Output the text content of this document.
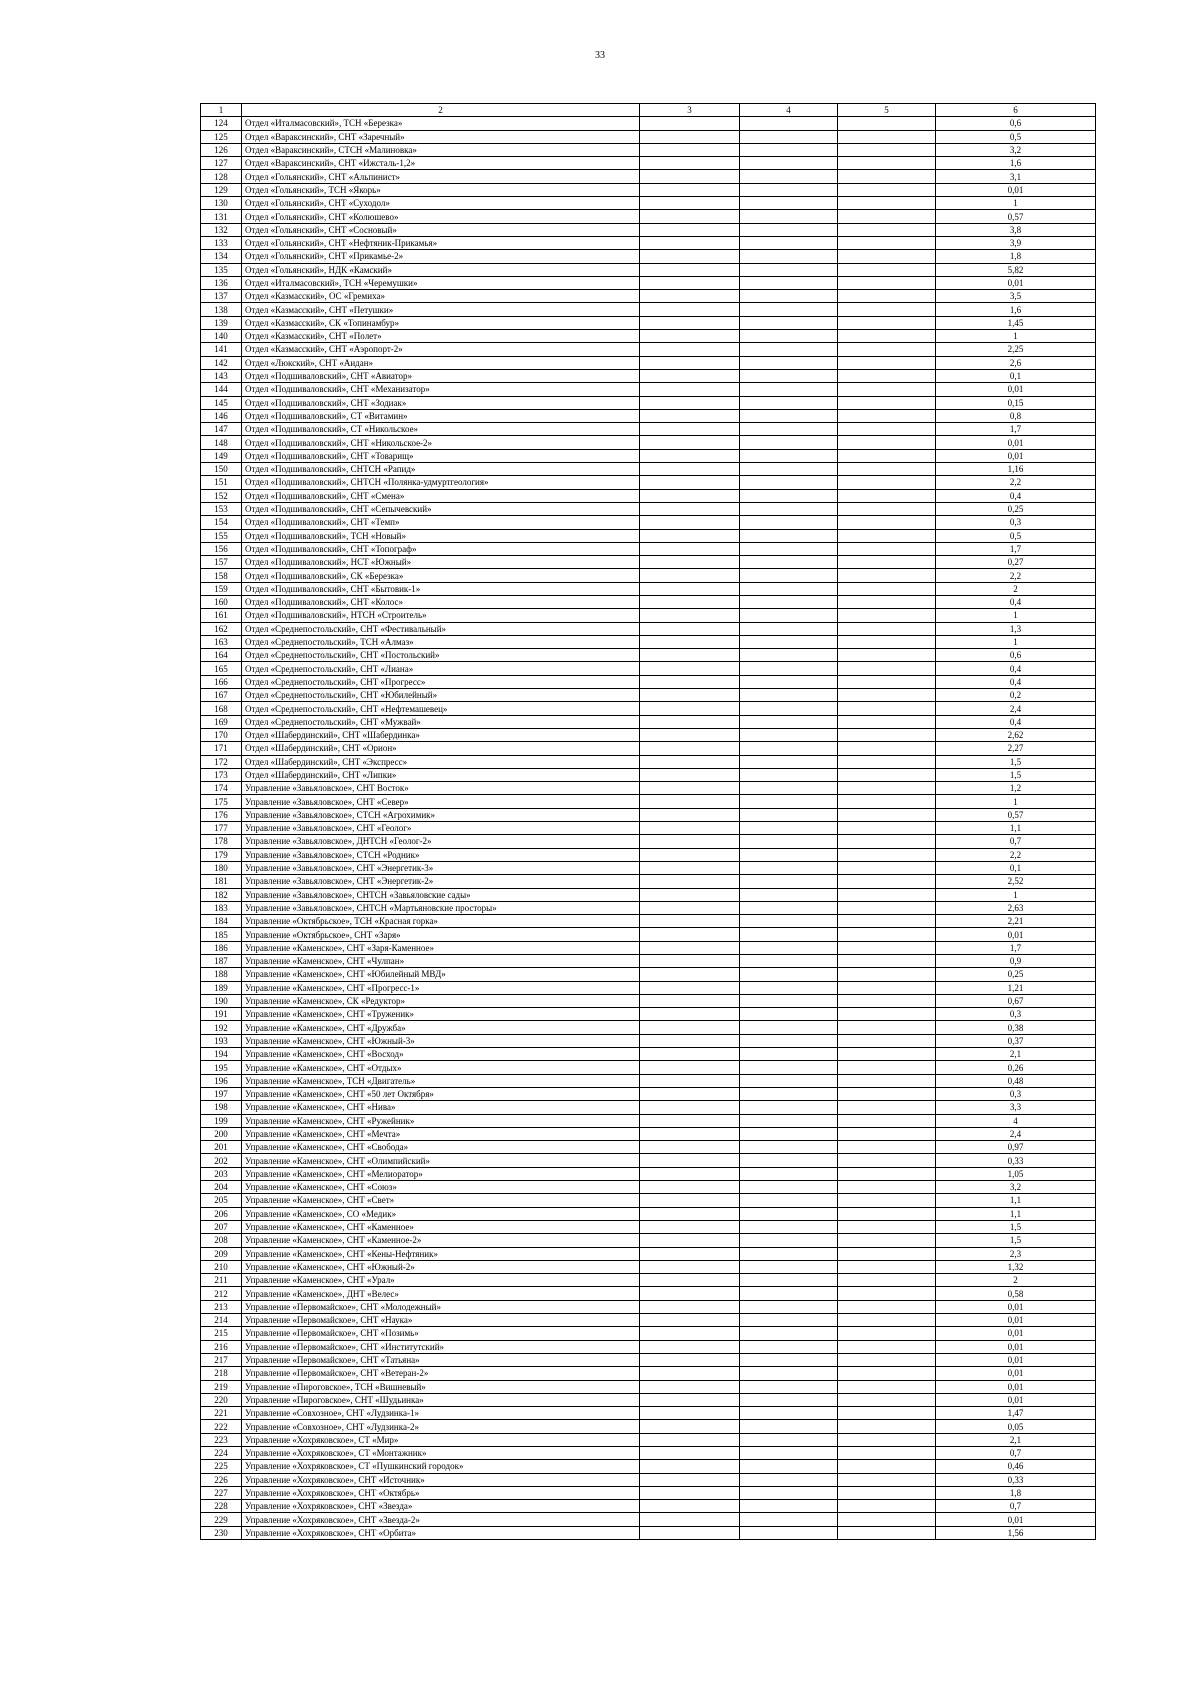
33
1	2	3	4	5	6
124	Отдел «Италмасовский», ТСН «Березка»				0,6
125	Отдел «Вараксинский», СНТ «Заречный»				0,5
126	Отдел «Вараксинский», СТСН «Малиновка»				3,2
127	Отдел «Вараксинский», СНТ «Ижсталь-1,2»				1,6
128	Отдел «Гольянский», СНТ «Альпинист»				3,1
129	Отдел «Гольянский», ТСН «Якорь»				0,01
130	Отдел «Гольянский», СНТ «Суходол»				1
131	Отдел «Гольянский», СНТ «Колюшево»				0,57
132	Отдел «Гольянский», СНТ «Сосновый»				3,8
133	Отдел «Гольянский», СНТ «Нефтяник-Прикамья»				3,9
134	Отдел «Гольянский», СНТ «Прикамье-2»				1,8
135	Отдел «Гольянский», НДК «Камский»				5,82
136	Отдел «Италмасовский», ТСН «Черемушки»				0,01
137	Отдел «Казмасский», ОС «Гремиха»				3,5
138	Отдел «Казмасский», СНТ «Петушки»				1,6
139	Отдел «Казмасский», СК «Топинамбур»				1,45
140	Отдел «Казмасский», СНТ «Полет»				1
141	Отдел «Казмасский», СНТ «Аэропорт-2»				2,25
142	Отдел «Люкский», СНТ «Аидан»				2,6
143	Отдел «Подшиваловский», СНТ «Авиатор»				0,1
144	Отдел «Подшиваловский», СНТ «Механизатор»				0,01
145	Отдел «Подшиваловский», СНТ «Зодиак»				0,15
146	Отдел «Подшиваловский», СТ «Витамин»				0,8
147	Отдел «Подшиваловский», СТ «Никольское»				1,7
148	Отдел «Подшиваловский», СНТ «Никольское-2»				0,01
149	Отдел «Подшиваловский», СНТ «Товарищ»				0,01
150	Отдел «Подшиваловский», СНТСН «Рапид»				1,16
151	Отдел «Подшиваловский», СНТСН «Полянка-удмуртгеология»				2,2
152	Отдел «Подшиваловский», СНТ «Смена»				0,4
153	Отдел «Подшиваловский», СНТ «Сепычевский»				0,25
154	Отдел «Подшиваловский», СНТ «Темп»				0,3
155	Отдел «Подшиваловский», ТСН «Новый»				0,5
156	Отдел «Подшиваловский», СНТ «Топограф»				1,7
157	Отдел «Подшиваловский», НСТ «Южный»				0,27
158	Отдел «Подшиваловский», СК «Березка»				2,2
159	Отдел «Подшиваловский», СНТ «Бытовик-1»				2
160	Отдел «Подшиваловский», СНТ «Колос»				0,4
161	Отдел «Подшиваловский», НТСН «Строитель»				1
162	Отдел «Среднепостольский», СНТ «Фестивальный»				1,3
163	Отдел «Среднепостольский», ТСН «Алмаз»				1
164	Отдел «Среднепостольский», СНТ «Постольский»				0,6
165	Отдел «Среднепостольский», СНТ «Лиана»				0,4
166	Отдел «Среднепостольский», СНТ «Прогресс»				0,4
167	Отдел «Среднепостольский», СНТ «Юбилейный»				0,2
168	Отдел «Среднепостольский», СНТ «Нефтемашевец»				2,4
169	Отдел «Среднепостольский», СНТ «Мужвай»				0,4
170	Отдел «Шабердинский», СНТ «Шабердинка»				2,62
171	Отдел «Шабердинский», СНТ «Орион»				2,27
172	Отдел «Шабердинский», СНТ «Экспресс»				1,5
173	Отдел «Шабердинский», СНТ «Липки»				1,5
174	Управление «Завьяловское», СНТ Восток»				1,2
175	Управление «Завьяловское», СНТ «Север»				1
176	Управление «Завьяловское», СТСН «Агрохимик»				0,57
177	Управление «Завьяловское», СНТ «Геолог»				1,1
178	Управление «Завьяловское», ДНТСН «Геолог-2»				0,7
179	Управление «Завьяловское», СТСН «Родник»				2,2
180	Управление «Завьяловское», СНТ «Энергетик-3»				0,1
181	Управление «Завьяловское», СНТ «Энергетик-2»				2,52
182	Управление «Завьяловское», СНТСН «Завьяловские сады»				1
183	Управление «Завьяловское», СНТСН «Мартьяновские просторы»				2,63
184	Управление «Октябрьское», ТСН «Красная горка»				2,21
185	Управление «Октябрьское», СНТ «Заря»				0,01
186	Управление «Каменское», СНТ «Заря-Каменное»				1,7
187	Управление «Каменское», СНТ «Чулпан»				0,9
188	Управление «Каменское», СНТ «Юбилейный МВД»				0,25
189	Управление «Каменское», СНТ «Прогресс-1»				1,21
190	Управление «Каменское», СК «Редуктор»				0,67
191	Управление «Каменское», СНТ «Труженик»				0,3
192	Управление «Каменское», СНТ «Дружба»				0,38
193	Управление «Каменское», СНТ «Южный-3»				0,37
194	Управление «Каменское», СНТ «Восход»				2,1
195	Управление «Каменское», СНТ «Отдых»				0,26
196	Управление «Каменское», ТСН «Двигатель»				0,48
197	Управление «Каменское», СНТ «50 лет Октября»				0,3
198	Управление «Каменское», СНТ «Нива»				3,3
199	Управление «Каменское», СНТ «Ружейник»				4
200	Управление «Каменское», СНТ «Мечта»				2,4
201	Управление «Каменское», СНТ «Свобода»				0,97
202	Управление «Каменское», СНТ «Олимпийский»				0,33
203	Управление «Каменское», СНТ «Мелиоратор»				1,05
204	Управление «Каменское», СНТ «Союз»				3,2
205	Управление «Каменское», СНТ «Свет»				1,1
206	Управление «Каменское», СО «Медик»				1,1
207	Управление «Каменское», СНТ «Каменное»				1,5
208	Управление «Каменское», СНТ «Каменное-2»				1,5
209	Управление «Каменское», СНТ «Кены-Нефтяник»				2,3
210	Управление «Каменское», СНТ «Южный-2»				1,32
211	Управление «Каменское», СНТ «Урал»				2
212	Управление «Каменское», ДНТ «Велес»				0,58
213	Управление «Первомайское», СНТ «Молодежный»				0,01
214	Управление «Первомайское», СНТ «Наука»				0,01
215	Управление «Первомайское», СНТ «Позимь»				0,01
216	Управление «Первомайское», СНТ «Институтский»				0,01
217	Управление «Первомайское», СНТ «Татьяна»				0,01
218	Управление «Первомайское», СНТ «Ветеран-2»				0,01
219	Управление «Пироговское», ТСН «Вишневый»				0,01
220	Управление «Пироговское», СНТ «Шудьинка»				0,01
221	Управление «Совхозное», СНТ «Лудзинка-1»				1,47
222	Управление «Совхозное», СНТ «Лудзинка-2»				0,05
223	Управление «Хохряковское», СТ «Мир»				2,1
224	Управление «Хохряковское», СТ «Монтажник»				0,7
225	Управление «Хохряковское», СТ «Пушкинский городок»				0,46
226	Управление «Хохряковское», СНТ «Источник»				0,33
227	Управление «Хохряковское», СНТ «Октябрь»				1,8
228	Управление «Хохряковское», СНТ «Звезда»				0,7
229	Управление «Хохряковское», СНТ «Звезда-2»				0,01
230	Управление «Хохряковское», СНТ «Орбита»				1,56
